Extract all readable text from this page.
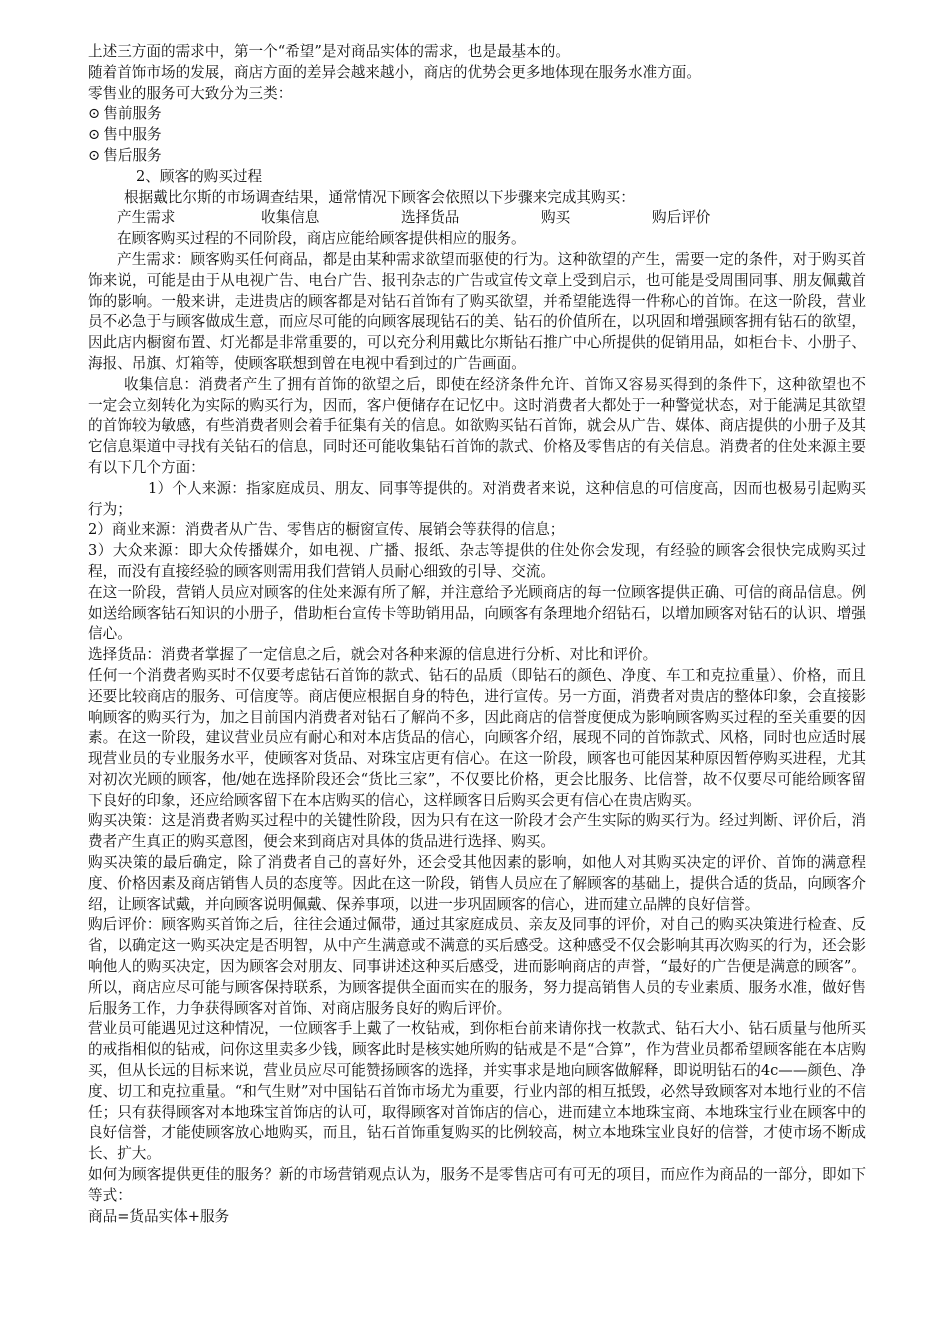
上述三方面的需求中，第一个“希望”是对商品实体的需求，也是最基本的。

随着首饰市场的发展，商店方面的差异会越来越小，商店的优势会更多地体现在服务水准方面。

零售业的服务可大致分为三类：

⊙ 售前服务
⊙ 售中服务
⊙ 售后服务

2、顾客的购买过程

根据戴比尔斯的市场调查结果，通常情况下顾客会依照以下步骤来完成其购买：

产生需求	收集信息	选择货品	购买	购后评价

在顾客购买过程的不同阶段，商店应能给顾客提供相应的服务。

产生需求：顾客购买任何商品，都是由某种需求欲望而驱使的行为。这种欲望的产生，需要一定的条件，对于购买首饰来说，可能是由于从电视广告、电台广告、报刊杂志的广告或宣传文章上受到启示，也可能是受周围同事、朋友佩戴首饰的影响。一般来讲，走进贵店的顾客都是对钻石首饰有了购买欲望，并希望能选得一件称心的首饰。在这一阶段，营业员不必急于与顾客做成生意，而应尽可能的向顾客展现钻石的美、钻石的价值所在，以巩固和增强顾客拥有钻石的欲望，因此店内橱窗布置、灯光都是非常重要的，可以充分利用戴比尔斯钻石推广中心所提供的促销用品，如柜台卡、小册子、海报、吊旗、灯箱等，使顾客联想到曾在电视中看到过的广告画面。

收集信息：消费者产生了拥有首饰的欲望之后，即使在经济条件允许、首饰又容易买得到的条件下，这种欲望也不一定会立刻转化为实际的购买行为，因而，客户便储存在记忆中。这时消费者大都处于一种警觉状态，对于能满足其欲望的首饰较为敏感，有些消费者则会着手征集有关的信息。如欲购买钻石首饰，就会从广告、媒体、商店提供的小册子及其它信息渠道中寻找有关钻石的信息，同时还可能收集钻石首饰的款式、价格及零售店的有关信息。消费者的住处来源主要有以下几个方面：

1）个人来源：指家庭成员、朋友、同事等提供的。对消费者来说，这种信息的可信度高，因而也极易引起购买行为；

2）商业来源：消费者从广告、零售店的橱窗宣传、展销会等获得的信息；

3）大众来源：即大众传播媒介，如电视、广播、报纸、杂志等提供的住处你会发现，有经验的顾客会很快完成购买过程，而没有直接经验的顾客则需用我们营销人员耐心细致的引导、交流。

在这一阶段，营销人员应对顾客的住处来源有所了解，并注意给予光顾商店的每一位顾客提供正确、可信的商品信息。例如送给顾客钻石知识的小册子，借助柜台宣传卡等助销用品，向顾客有条理地介绍钻石，以增加顾客对钻石的认识、增强信心。

选择货品：消费者掌握了一定信息之后，就会对各种来源的信息进行分析、对比和评价。

任何一个消费者购买时不仅要考虑钻石首饰的款式、钻石的品质（即钻石的颜色、净度、车工和克拉重量）、价格，而且还要比较商店的服务、可信度等。商店便应根据自身的特色，进行宣传。另一方面，消费者对贵店的整体印象，会直接影响顾客的购买行为，加之目前国内消费者对钻石了解尚不多，因此商店的信誉度便成为影响顾客购买过程的至关重要的因素。在这一阶段，建议营业员应有耐心和对本店货品的信心，向顾客介绍，展现不同的首饰款式、风格，同时也应适时展现营业员的专业服务水平，使顾客对货品、对珠宝店更有信心。在这一阶段，顾客也可能因某种原因暂停购买进程，尤其对初次光顾的顾客，他/她在选择阶段还会“货比三家”，不仅要比价格，更会比服务、比信誉，故不仅要尽可能给顾客留下良好的印象，还应给顾客留下在本店购买的信心，这样顾客日后购买会更有信心在贵店购买。

购买决策：这是消费者购买过程中的关键性阶段，因为只有在这一阶段才会产生实际的购买行为。经过判断、评价后，消费者产生真正的购买意图，便会来到商店对具体的货品进行选择、购买。

购买决策的最后确定，除了消费者自己的喜好外，还会受其他因素的影响，如他人对其购买决定的评价、首饰的满意程度、价格因素及商店销售人员的态度等。因此在这一阶段，销售人员应在了解顾客的基础上，提供合适的货品，向顾客介绍，让顾客试戴，并向顾客说明佩戴、保养事项，以进一步巩固顾客的信心，进而建立品牌的良好信誉。

购后评价：顾客购买首饰之后，往往会通过佩带，通过其家庭成员、亲友及同事的评价，对自己的购买决策进行检查、反省，以确定这一购买决定是否明智，从中产生满意或不满意的买后感受。这种感受不仅会影响其再次购买的行为，还会影响他人的购买决定，因为顾客会对朋友、同事讲述这种买后感受，进而影响商店的声誉，“最好的广告便是满意的顾客”。所以，商店应尽可能与顾客保持联系，为顾客提供全面而实在的服务，努力提高销售人员的专业素质、服务水准，做好售后服务工作，力争获得顾客对首饰、对商店服务良好的购后评价。

营业员可能遇见过这种情况，一位顾客手上戴了一枚钻戒，到你柜台前来请你找一枚款式、钻石大小、钻石质量与他所买的戒指相似的钻戒，问你这里卖多少钱，顾客此时是核实她所购的钻戒是不是“合算”，作为营业员都希望顾客能在本店购买，但从长远的目标来说，营业员应尽可能赞扬顾客的选择，并实事求是地向顾客做解释，即说明钻石的4c——颜色、净度、切工和克拉重量。“和气生财”对中国钻石首饰市场尤为重要，行业内部的相互抵毁，必然导致顾客对本地行业的不信任；只有获得顾客对本地珠宝首饰店的认可，取得顾客对首饰店的信心，进而建立本地珠宝商、本地珠宝行业在顾客中的良好信誉，才能使顾客放心地购买，而且，钻石首饰重复购买的比例较高，树立本地珠宝业良好的信誉，才使市场不断成长、扩大。

如何为顾客提供更佳的服务？新的市场营销观点认为，服务不是零售店可有可无的项目，而应作为商品的一部分，即如下等式：

商品=货品实体+服务
